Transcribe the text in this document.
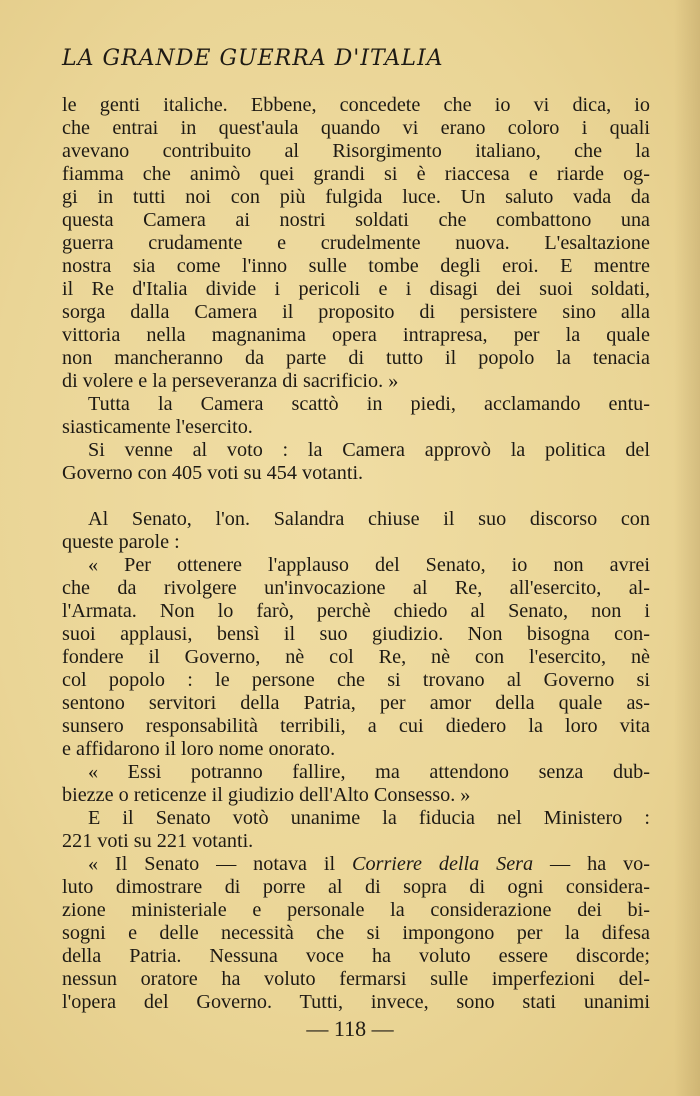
LA GRANDE GUERRA D'ITALIA
le genti italiche. Ebbene, concedete che io vi dica, io
che entrai in quest'aula quando vi erano coloro i quali
avevano contribuito al Risorgimento italiano, che la
fiamma che animò quei grandi si è riaccesa e riarde og-
gi in tutti noi con più fulgida luce. Un saluto vada da
questa Camera ai nostri soldati che combattono una
guerra crudamente e crudelmente nuova. L'esaltazione
nostra sia come l'inno sulle tombe degli eroi. E mentre
il Re d'Italia divide i pericoli e i disagi dei suoi soldati,
sorga dalla Camera il proposito di persistere sino alla
vittoria nella magnanima opera intrapresa, per la quale
non mancheranno da parte di tutto il popolo la tenacia
di volere e la perseveranza di sacrificio. »
Tutta la Camera scattò in piedi, acclamando entu-
siasticamente l'esercito.
Si venne al voto : la Camera approvò la politica del
Governo con 405 voti su 454 votanti.
Al Senato, l'on. Salandra chiuse il suo discorso con
queste parole :
« Per ottenere l'applauso del Senato, io non avrei
che da rivolgere un'invocazione al Re, all'esercito, al-
l'Armata. Non lo farò, perchè chiedo al Senato, non i
suoi applausi, bensì il suo giudizio. Non bisogna con-
fondere il Governo, nè col Re, nè con l'esercito, nè
col popolo : le persone che si trovano al Governo si
sentono servitori della Patria, per amor della quale as-
sunsero responsabilità terribili, a cui diedero la loro vita
e affidarono il loro nome onorato.
« Essi potranno fallire, ma attendono senza dub-
biezze o reticenze il giudizio dell'Alto Consesso. »
E il Senato votò unanime la fiducia nel Ministero :
221 voti su 221 votanti.
« Il Senato — notava il Corriere della Sera — ha vo-
luto dimostrare di porre al di sopra di ogni considera-
zione ministeriale e personale la considerazione dei bi-
sogni e delle necessità che si impongono per la difesa
della Patria. Nessuna voce ha voluto essere discorde;
nessun oratore ha voluto fermarsi sulle imperfezioni del-
l'opera del Governo. Tutti, invece, sono stati unanimi
— 118 —
